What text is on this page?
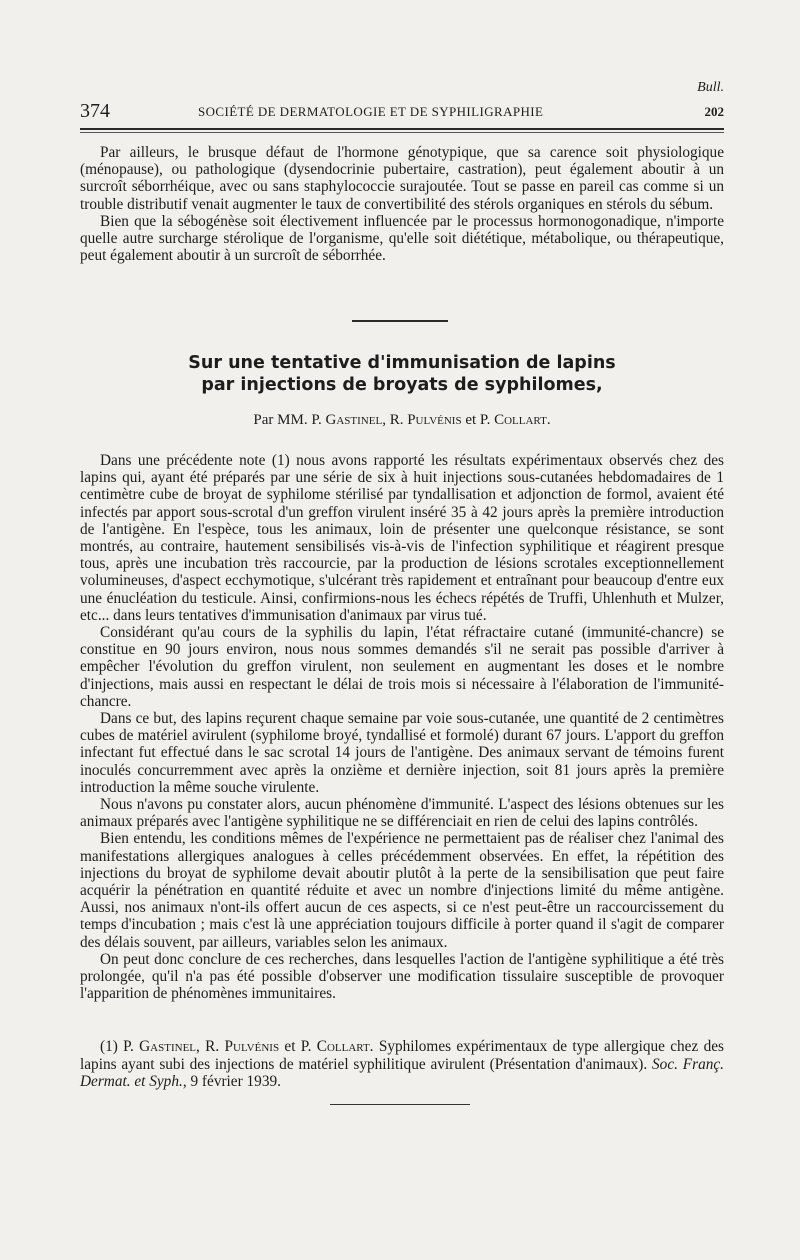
Bull.
374	SOCIÉTÉ DE DERMATOLOGIE ET DE SYPHILIGRAPHIE	202

Par ailleurs, le brusque défaut de l'hormone génotypique, que sa carence soit physiologique (ménopause), ou pathologique (dysendocrinie pubertaire, castration), peut également aboutir à un surcroît séborrhéique, avec ou sans staphylococcie surajoutée. Tout se passe en pareil cas comme si un trouble distributif venait augmenter le taux de convertibilité des stérols organiques en stérols du sébum.

Bien que la sébogénèse soit électivement influencée par le processus hormonogonadique, n'importe quelle autre surcharge stérolique de l'organisme, qu'elle soit diététique, métabolique, ou thérapeutique, peut également aboutir à un surcroît de séborrhée.

Sur une tentative d'immunisation de lapins
par injections de broyats de syphilomes,
Par MM. P. Gastinel, R. Pulvénis et P. Collart.

Dans une précédente note (1) nous avons rapporté les résultats expérimentaux observés chez des lapins qui, ayant été préparés par une série de six à huit injections sous-cutanées hebdomadaires de 1 centimètre cube de broyat de syphilome stérilisé par tyndallisation et adjonction de formol, avaient été infectés par apport sous-scrotal d'un greffon virulent inséré 35 à 42 jours après la première introduction de l'antigène. En l'espèce, tous les animaux, loin de présenter une quelconque résistance, se sont montrés, au contraire, hautement sensibilisés vis-à-vis de l'infection syphilitique et réagirent presque tous, après une incubation très raccourcie, par la production de lésions scrotales exceptionnellement volumineuses, d'aspect ecchymotique, s'ulcérant très rapidement et entraînant pour beaucoup d'entre eux une énucléation du testicule. Ainsi, confirmions-nous les échecs répétés de Truffi, Uhlenhuth et Mulzer, etc... dans leurs tentatives d'immunisation d'animaux par virus tué.

Considérant qu'au cours de la syphilis du lapin, l'état réfractaire cutané (immunité-chancre) se constitue en 90 jours environ, nous nous sommes demandés s'il ne serait pas possible d'arriver à empêcher l'évolution du greffon virulent, non seulement en augmentant les doses et le nombre d'injections, mais aussi en respectant le délai de trois mois si nécessaire à l'élaboration de l'immunité-chancre.

Dans ce but, des lapins reçurent chaque semaine par voie sous-cutanée, une quantité de 2 centimètres cubes de matériel avirulent (syphilome broyé, tyndallisé et formolé) durant 67 jours. L'apport du greffon infectant fut effectué dans le sac scrotal 14 jours de l'antigène. Des animaux servant de témoins furent inoculés concurremment avec après la onzième et dernière injection, soit 81 jours après la première introduction la même souche virulente.

Nous n'avons pu constater alors, aucun phénomène d'immunité. L'aspect des lésions obtenues sur les animaux préparés avec l'antigène syphilitique ne se différenciait en rien de celui des lapins contrôlés.

Bien entendu, les conditions mêmes de l'expérience ne permettaient pas de réaliser chez l'animal des manifestations allergiques analogues à celles précédemment observées. En effet, la répétition des injections du broyat de syphilome devait aboutir plutôt à la perte de la sensibilisation que peut faire acquérir la pénétration en quantité réduite et avec un nombre d'injections limité du même antigène. Aussi, nos animaux n'ont-ils offert aucun de ces aspects, si ce n'est peut-être un raccourcissement du temps d'incubation ; mais c'est là une appréciation toujours difficile à porter quand il s'agit de comparer des délais souvent, par ailleurs, variables selon les animaux.

On peut donc conclure de ces recherches, dans lesquelles l'action de l'antigène syphilitique a été très prolongée, qu'il n'a pas été possible d'observer une modification tissulaire susceptible de provoquer l'apparition de phénomènes immunitaires.

(1) P. Gastinel, R. Pulvénis et P. Collart. Syphilomes expérimentaux de type allergique chez des lapins ayant subi des injections de matériel syphilitique avirulent (Présentation d'animaux). Soc. Franç. Dermat. et Syph., 9 février 1939.
